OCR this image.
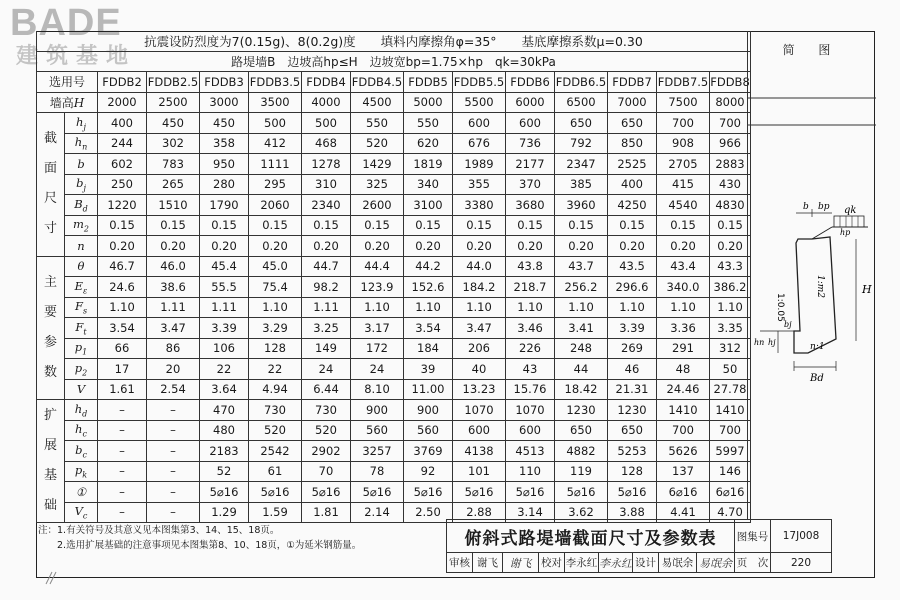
BADE
建筑基地
抗震设防烈度为7(0.15g)、8(0.2g)度　　填料内摩擦角φ=35°　　基底摩擦系数μ=0.30														
路堤墙B　边坡高hp≤H　边坡宽bp=1.75×hp　qk=30kPa														
选用号		FDDB2	FDDB2.5	FDDB3	FDDB3.5	FDDB4	FDDB4.5	FDDB5	FDDB5.5	FDDB6	FDDB6.5	FDDB7	FDDB7.5	FDDB8
墙高H		2000	2500	3000	3500	4000	4500	5000	5500	6000	6500	7000	7500	8000
截
面
尺
寸	$h_j$	400	450	450	500	500	550	550	600	600	650	650	700	700
	$h_n$	244	302	358	412	468	520	620	676	736	792	850	908	966
	b	602	783	950	1111	1278	1429	1819	1989	2177	2347	2525	2705	2883
	$b_j$	250	265	280	295	310	325	340	355	370	385	400	415	430
	$B_d$	1220	1510	1790	2060	2340	2600	3100	3380	3680	3960	4250	4540	4830
	$m_2$	0.15	0.15	0.15	0.15	0.15	0.15	0.15	0.15	0.15	0.15	0.15	0.15	0.15
	n	0.20	0.20	0.20	0.20	0.20	0.20	0.20	0.20	0.20	0.20	0.20	0.20	0.20
主
要
参
数	θ	46.7	46.0	45.4	45.0	44.7	44.4	44.2	44.0	43.8	43.7	43.5	43.4	43.3
	$E_\varepsilon$	24.6	38.6	55.5	75.4	98.2	123.9	152.6	184.2	218.7	256.2	296.6	340.0	386.2
	$F_s$	1.10	1.11	1.11	1.10	1.11	1.10	1.10	1.10	1.10	1.10	1.10	1.10	1.10
	$F_t$	3.54	3.47	3.39	3.29	3.25	3.17	3.54	3.47	3.46	3.41	3.39	3.36	3.35
	$p_1$	66	86	106	128	149	172	184	206	226	248	269	291	312
	$p_2$	17	20	22	22	24	24	39	40	43	44	46	48	50
	V	1.61	2.54	3.64	4.94	6.44	8.10	11.00	13.23	15.76	18.42	21.31	24.46	27.78
扩
展
基
础	$h_d$	–	–	470	730	730	900	900	1070	1070	1230	1230	1410	1410
	$h_c$	–	–	480	520	520	560	560	600	600	650	650	700	700
	$b_c$	–	–	2183	2542	2902	3257	3769	4138	4513	4882	5253	5626	5997
	$p_k$	–	–	52	61	70	78	92	101	110	119	128	137	146
	①	–	–	5⌀16	5⌀16	5⌀16	5⌀16	5⌀16	5⌀16	5⌀16	5⌀16	5⌀16	6⌀16	6⌀16
	$V_c$	–	–	1.29	1.59	1.81	2.14	2.50	2.88	3.14	3.62	3.88	4.41	4.70
简 图
b bp qk
hp
1:0.05
1:m2	H
bj
hj
hn	n:1
Bd
注：1.有关符号及其意义见本图集第3、14、15、18页。
　　2.选用扩展基础的注意事项见本图集第8、10、18页，①为延米钢筋量。	俯斜式路堤墙截面尺寸及参数表									图集号	17J008
审核	谢飞	谢飞	校对	李永红	李永红	设计	易氓余	易氓余	页　次	220
